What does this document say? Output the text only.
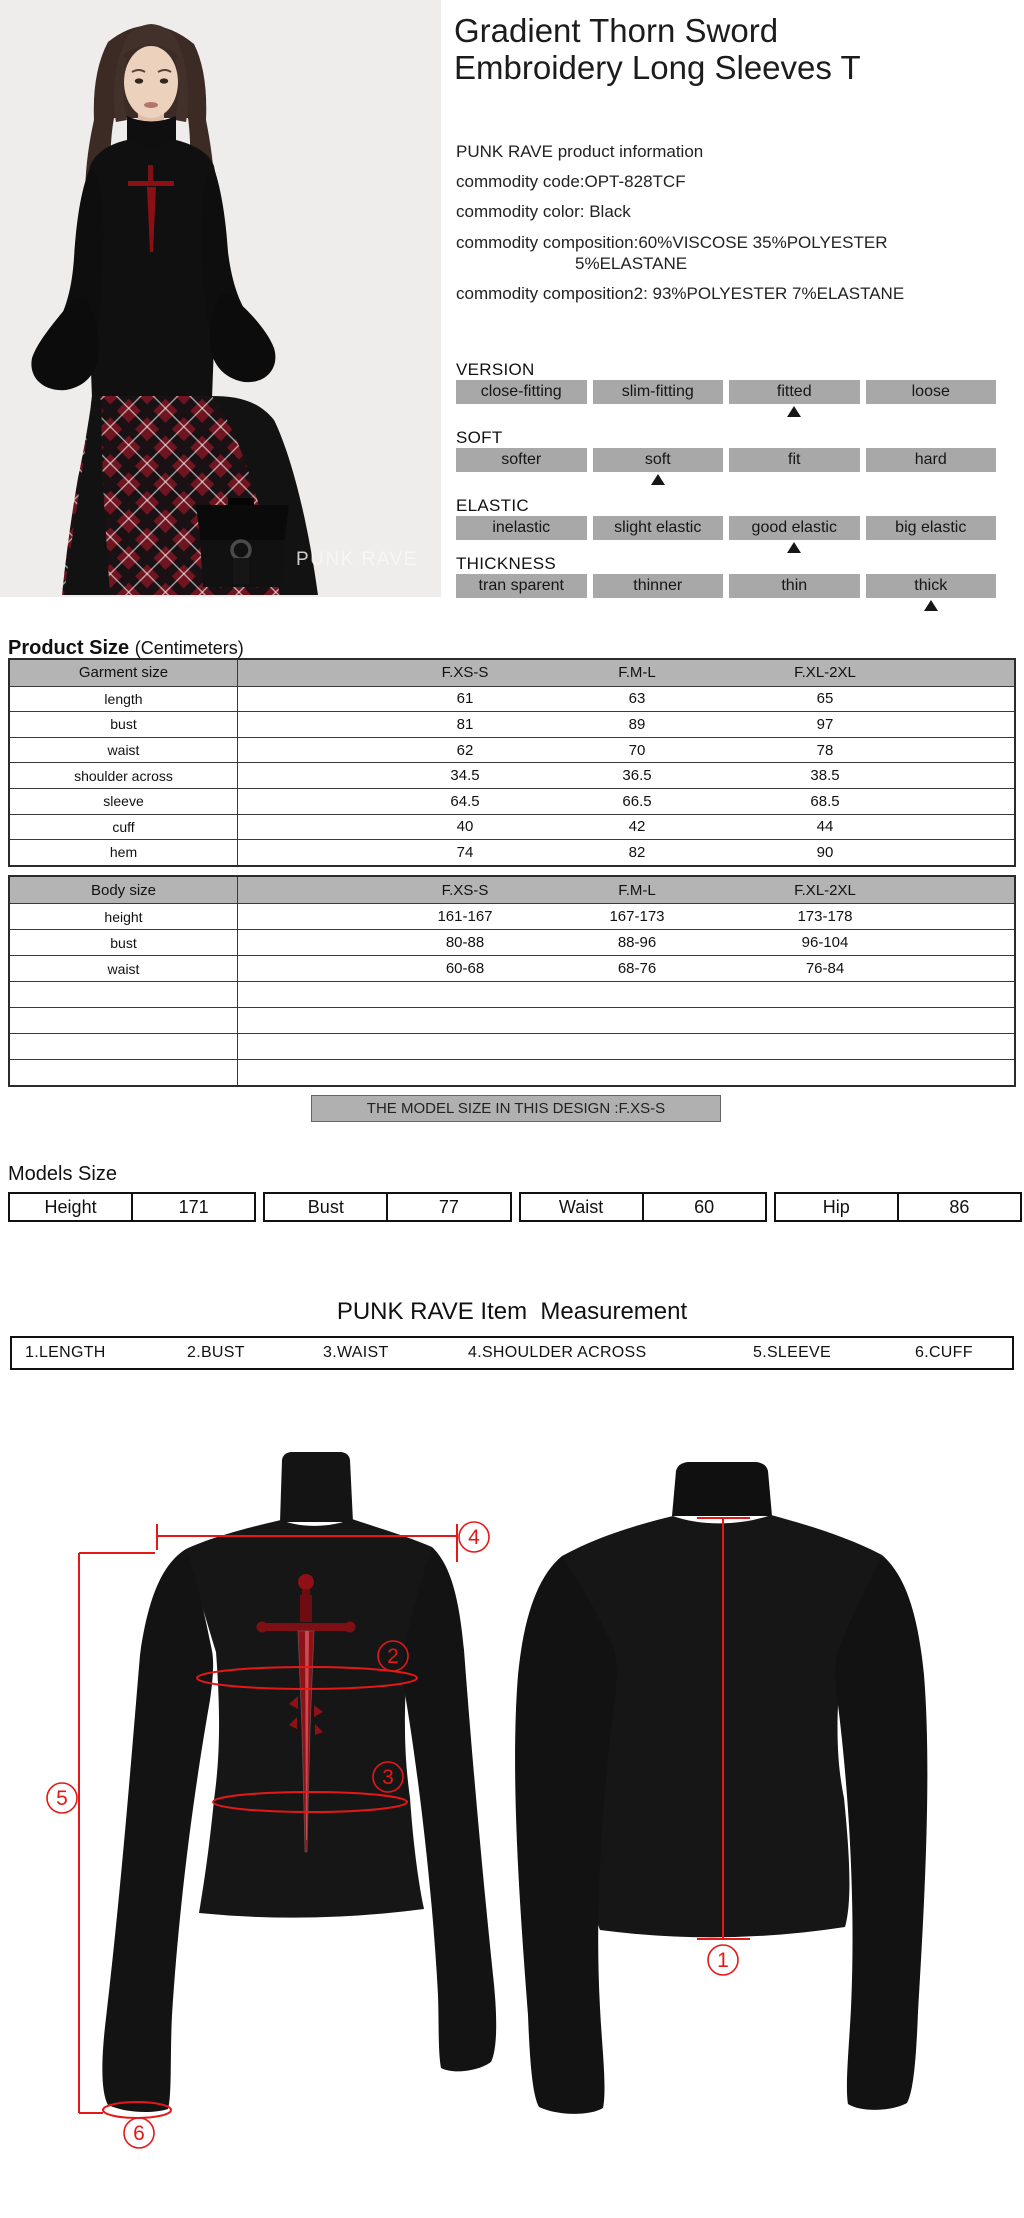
PUNK RAVE
Gradient Thorn Sword
Embroidery Long Sleeves T
PUNK RAVE product information
commodity code:OPT-828TCF
commodity color: Black
commodity composition:60%VISCOSE 35%POLYESTER
5%ELASTANE
commodity composition2: 93%POLYESTER 7%ELASTANE
VERSION
close-fitting	slim-fitting	fitted	loose
SOFT
softer	soft	fit	hard
ELASTIC
inelastic	slight elastic	good elastic	big elastic
THICKNESS
tran sparent	thinner	thin	thick
Product Size (Centimeters)
Garment size	F.XS-S	F.M-L	F.XL-2XL
length	61	63	65
bust	81	89	97
waist	62	70	78
shoulder across	34.5	36.5	38.5
sleeve	64.5	66.5	68.5
cuff	40	42	44
hem	74	82	90
Body size	F.XS-S	F.M-L	F.XL-2XL
height	161-167	167-173	173-178
bust	80-88	88-96	96-104
waist	60-68	68-76	76-84
THE MODEL SIZE IN THIS DESIGN :F.XS-S
Models Size
Height	171	Bust	77	Waist	60	Hip	86
PUNK RAVE Item  Measurement
1.LENGTH	2.BUST	3.WAIST	4.SHOULDER ACROSS	5.SLEEVE	6.CUFF
4
5
2
3
6
1
